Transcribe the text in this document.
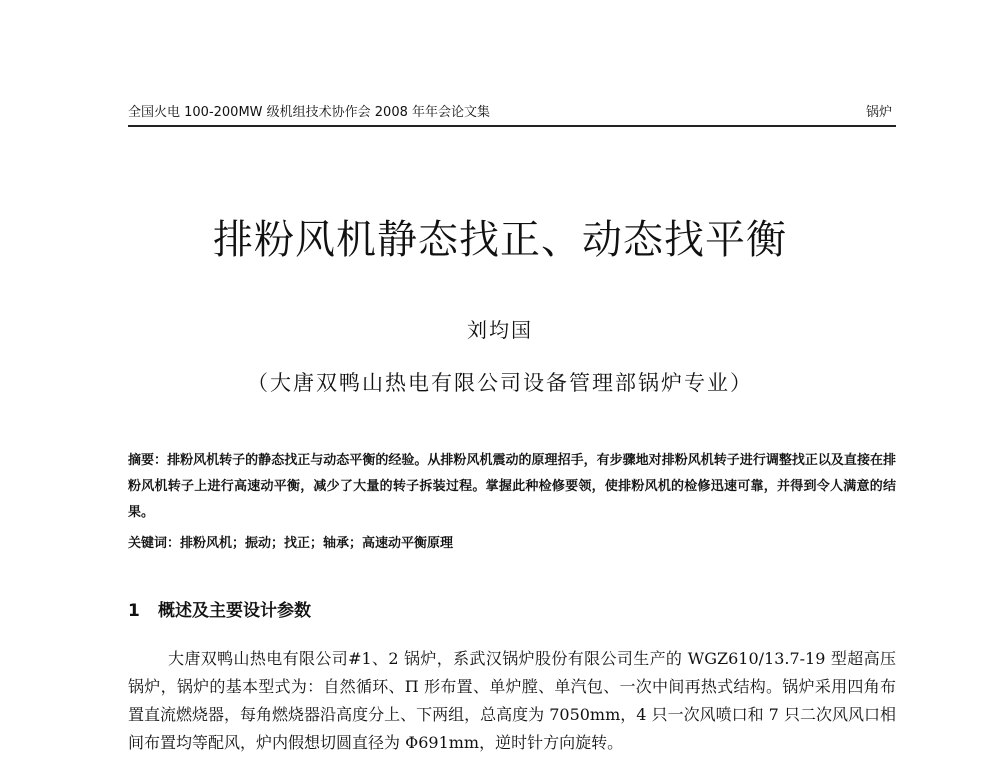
全国火电 100-200MW 级机组技术协作会 2008 年年会论文集	锅炉
排粉风机静态找正、动态找平衡
刘均国
（大唐双鸭山热电有限公司设备管理部锅炉专业）
摘要：排粉风机转子的静态找正与动态平衡的经验。从排粉风机震动的原理招手，有步骤地对排粉风机转子进行调整找正以及直接在排粉风机转子上进行高速动平衡，减少了大量的转子拆装过程。掌握此种检修要领，使排粉风机的检修迅速可靠，并得到令人满意的结果。
关键词：排粉风机；振动；找正；轴承；高速动平衡原理
1 概述及主要设计参数

大唐双鸭山热电有限公司#1、2 锅炉，系武汉锅炉股份有限公司生产的 WGZ610/13.7-19 型超高压锅炉，锅炉的基本型式为：自然循环、Π 形布置、单炉膛、单汽包、一次中间再热式结构。锅炉采用四角布置直流燃烧器，每角燃烧器沿高度分上、下两组，总高度为 7050mm，4 只一次风喷口和 7 只二次风风口相间布置均等配风，炉内假想切圆直径为 Φ691mm，逆时针方向旋转。
